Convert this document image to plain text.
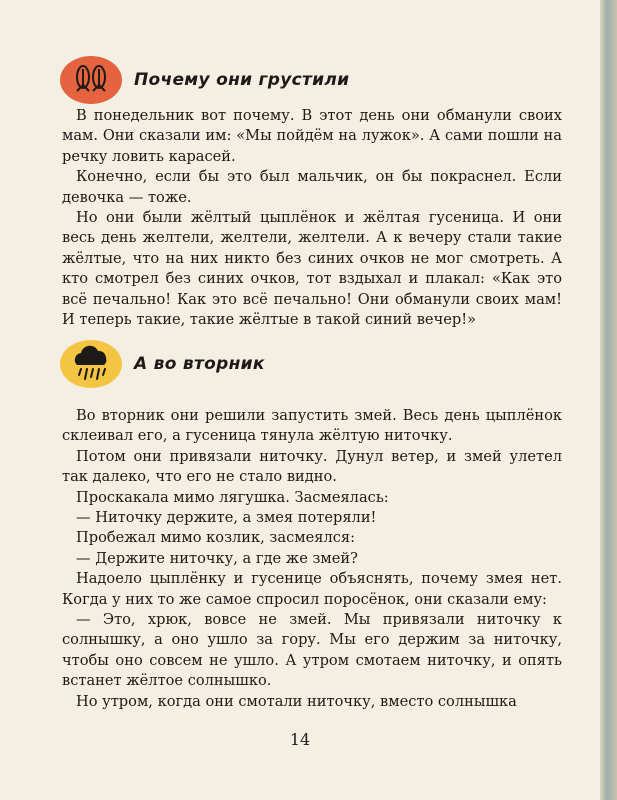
Почему они грустили

В понедельник вот почему. В этот день они обманули своих мам. Они сказали им: «Мы пойдём на лужок». А сами пошли на речку ловить карасей.

Конечно, если бы это был мальчик, он бы покраснел. Если девочка — тоже.

Но они были жёлтый цыплёнок и жёлтая гусеница. И они весь день желтели, желтели, желтели. А к вечеру стали такие жёлтые, что на них никто без синих очков не мог смотреть. А кто смотрел без синих очков, тот вздыхал и плакал: «Как это всё печально! Как это всё печально! Они обманули своих мам! И теперь такие, такие жёлтые в такой синий вечер!»

А во вторник

Во вторник они решили запустить змей. Весь день цыплёнок склеивал его, а гусеница тянула жёлтую ниточку.

Потом они привязали ниточку. Дунул ветер, и змей улетел так далеко, что его не стало видно.

Проскакала мимо лягушка. Засмеялась:

— Ниточку держите, а змея потеряли!

Пробежал мимо козлик, засмеялся:

— Держите ниточку, а где же змей?

Надоело цыплёнку и гусенице объяснять, почему змея нет. Когда у них то же самое спросил поросёнок, они сказали ему:

— Это, хрюк, вовсе не змей. Мы привязали ниточку к солнышку, а оно ушло за гору. Мы его держим за ниточку, чтобы оно совсем не ушло. А утром смотаем ниточку, и опять встанет жёлтое солнышко.

Но утром, когда они смотали ниточку, вместо солнышка

14
